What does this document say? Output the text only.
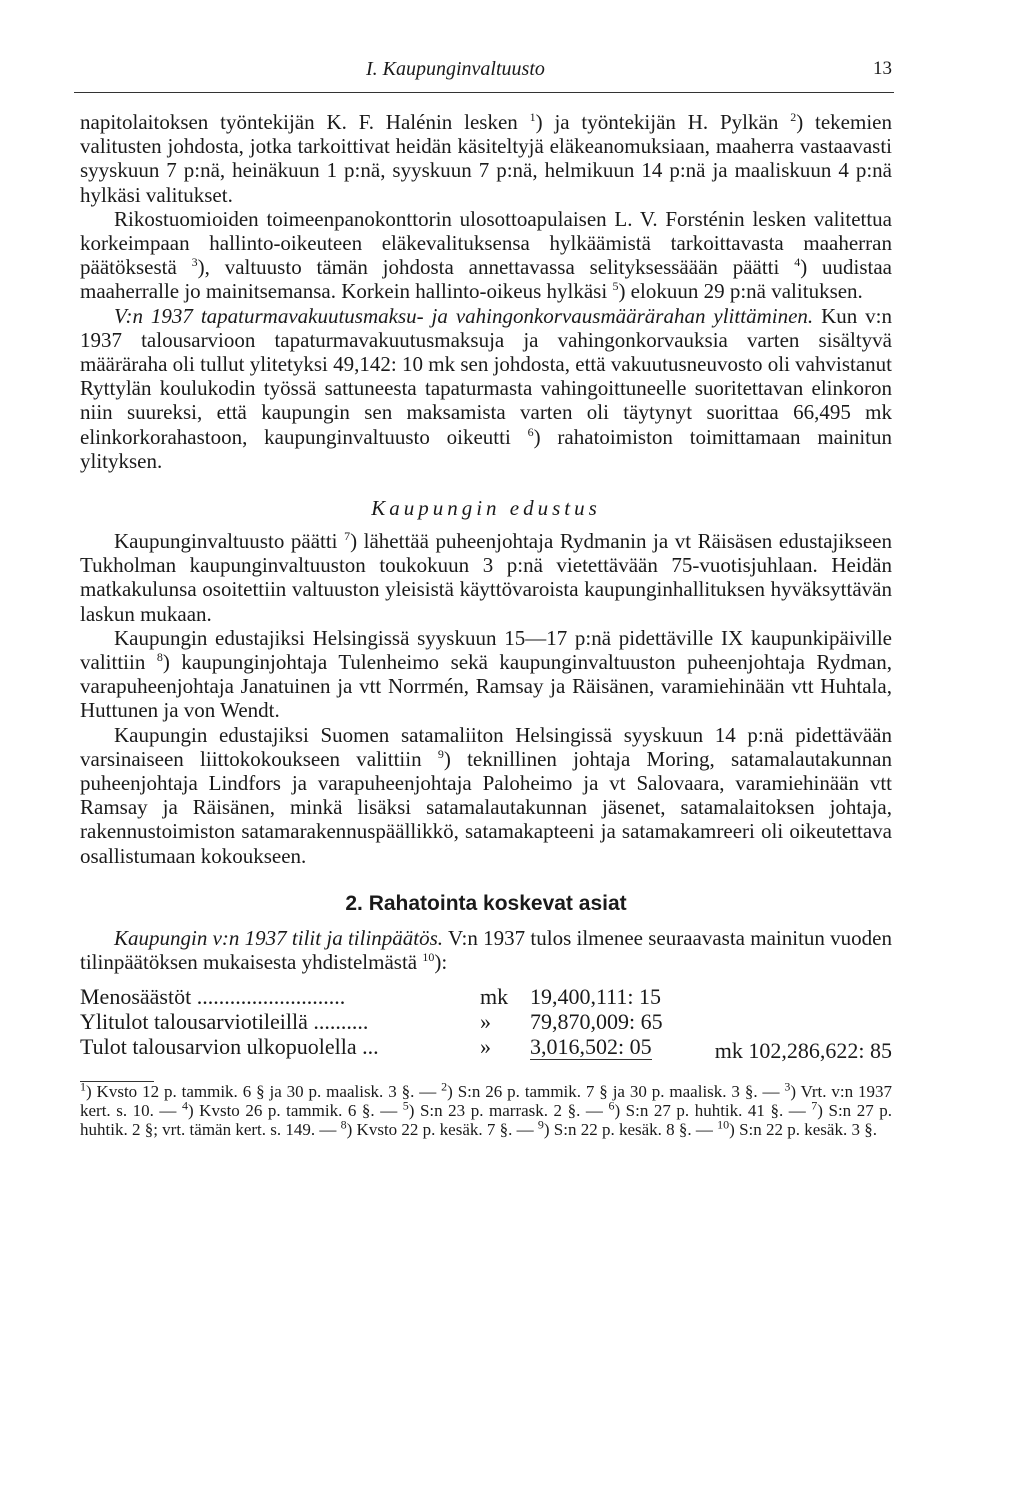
I. Kaupunginvaltuusto	13

napitolaitoksen työntekijän K. F. Halénin lesken $^1$) ja työntekijän H. Pylkän $^2$) tekemien valitusten johdosta, jotka tarkoittivat heidän käsiteltyjä eläkeanomuksiaan, maaherra vastaavasti syyskuun 7 p:nä, heinäkuun 1 p:nä, syyskuun 7 p:nä, helmikuun 14 p:nä ja maaliskuun 4 p:nä hylkäsi valitukset.

Rikostuomioiden toimeenpanokonttorin ulosottoapulaisen L. V. Forsténin lesken valitettua korkeimpaan hallinto-oikeuteen eläkevalituksensa hylkäämistä tarkoittavasta maaherran päätöksestä $^3$), valtuusto tämän johdosta annettavassa selityksessäään päätti $^4$) uudistaa maaherralle jo mainitsemansa. Korkein hallinto-oikeus hylkäsi $^5$) elokuun 29 p:nä valituksen.

V:n 1937 tapaturmavakuutusmaksu- ja vahingonkorvausmäärärahan ylittäminen. Kun v:n 1937 talousarvioon tapaturmavakuutusmaksuja ja vahingonkorvauksia varten sisältyvä määräraha oli tullut ylitetyksi 49,142: 10 mk sen johdosta, että vakuutusneuvosto oli vahvistanut Ryttylän koulukodin työssä sattuneesta tapaturmasta vahingoittuneelle suoritettavan elinkoron niin suureksi, että kaupungin sen maksamista varten oli täytynyt suorittaa 66,495 mk elinkorkorahastoon, kaupunginvaltuusto oikeutti $^6$) rahatoimiston toimittamaan mainitun ylityksen.

Kaupungin edustus

Kaupunginvaltuusto päätti $^7$) lähettää puheenjohtaja Rydmanin ja vt Räisäsen edustajikseen Tukholman kaupunginvaltuuston toukokuun 3 p:nä vietettävään 75-vuotisjuhlaan. Heidän matkakulunsa osoitettiin valtuuston yleisistä käyttövaroista kaupunginhallituksen hyväksyttävän laskun mukaan.

Kaupungin edustajiksi Helsingissä syyskuun 15—17 p:nä pidettäville IX kaupunkipäiville valittiin $^8$) kaupunginjohtaja Tulenheimo sekä kaupunginvaltuuston puheenjohtaja Rydman, varapuheenjohtaja Janatuinen ja vtt Norrmén, Ramsay ja Räisänen, varamiehinään vtt Huhtala, Huttunen ja von Wendt.

Kaupungin edustajiksi Suomen satamaliiton Helsingissä syyskuun 14 p:nä pidettävään varsinaiseen liittokokoukseen valittiin $^9$) teknillinen johtaja Moring, satamalautakunnan puheenjohtaja Lindfors ja varapuheenjohtaja Paloheimo ja vt Salovaara, varamiehinään vtt Ramsay ja Räisänen, minkä lisäksi satamalautakunnan jäsenet, satamalaitoksen johtaja, rakennustoimiston satamarakennuspäällikkö, satamakapteeni ja satamakamreeri oli oikeutettava osallistumaan kokoukseen.

2. Rahatointa koskevat asiat

Kaupungin v:n 1937 tilit ja tilinpäätös. V:n 1937 tulos ilmenee seuraavasta mainitun vuoden tilinpäätöksen mukaisesta yhdistelmästä $^{10}$):

Menosäästöt ...........................	mk 19,400,111: 15
Ylitulot talousarviotileillä ..........	» 79,870,009: 65
Tulot talousarvion ulkopuolella ...	» 3,016,502: 05	mk 102,286,622: 85

$^1$) Kvsto 12 p. tammik. 6 § ja 30 p. maalisk. 3 §. — $^2$) S:n 26 p. tammik. 7 § ja 30 p. maalisk. 3 §. — $^3$) Vrt. v:n 1937 kert. s. 10. — $^4$) Kvsto 26 p. tammik. 6 §. — $^5$) S:n 23 p. marrask. 2 §. — $^6$) S:n 27 p. huhtik. 41 §. — $^7$) S:n 27 p. huhtik. 2 §; vrt. tämän kert. s. 149. — $^8$) Kvsto 22 p. kesäk. 7 §. — $^9$) S:n 22 p. kesäk. 8 §. — $^{10}$) S:n 22 p. kesäk. 3 §.
